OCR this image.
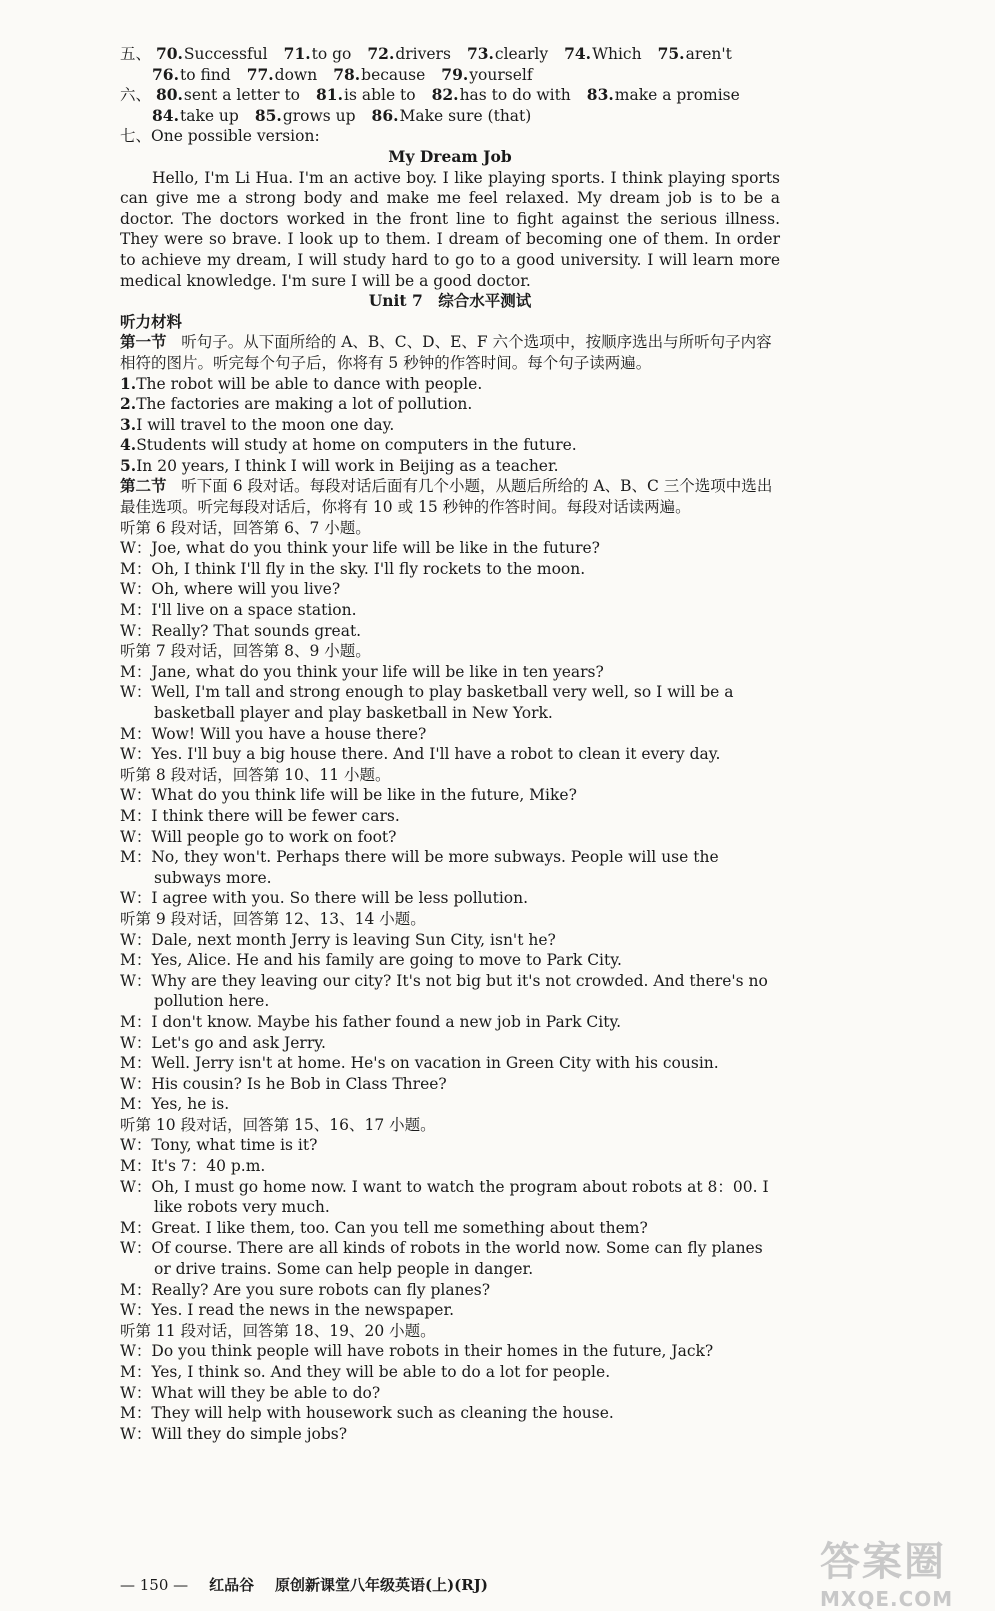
五、 70.Successful 71.to go 72.drivers 73.clearly 74.Which 75.aren't
76.to find 77.down 78.because 79.yourself
六、 80.sent a letter to 81.is able to 82.has to do with 83.make a promise
84.take up 85.grows up 86.Make sure (that)
七、One possible version:
My Dream Job
Hello, I'm Li Hua. I'm an active boy. I like playing sports. I think playing sports can give me a strong body and make me feel relaxed. My dream job is to be a doctor. The doctors worked in the front line to fight against the serious illness. They were so brave. I look up to them. I dream of becoming one of them. In order to achieve my dream, I will study hard to go to a good university. I will learn more medical knowledge. I'm sure I will be a good doctor.
Unit 7　综合水平测试
听力材料
第一节 听句子。从下面所给的 A、B、C、D、E、F 六个选项中，按顺序选出与所听句子内容相符的图片。听完每个句子后，你将有 5 秒钟的作答时间。每个句子读两遍。
1.The robot will be able to dance with people.
2.The factories are making a lot of pollution.
3.I will travel to the moon one day.
4.Students will study at home on computers in the future.
5.In 20 years, I think I will work in Beijing as a teacher.
第二节 听下面 6 段对话。每段对话后面有几个小题，从题后所给的 A、B、C 三个选项中选出最佳选项。听完每段对话后，你将有 10 或 15 秒钟的作答时间。每段对话读两遍。
听第 6 段对话，回答第 6、7 小题。
W：Joe, what do you think your life will be like in the future?
M：Oh, I think I'll fly in the sky. I'll fly rockets to the moon.
W：Oh, where will you live?
M：I'll live on a space station.
W：Really? That sounds great.
听第 7 段对话，回答第 8、9 小题。
M：Jane, what do you think your life will be like in ten years?
W：Well, I'm tall and strong enough to play basketball very well, so I will be a basketball player and play basketball in New York.
M：Wow! Will you have a house there?
W：Yes. I'll buy a big house there. And I'll have a robot to clean it every day.
听第 8 段对话，回答第 10、11 小题。
W：What do you think life will be like in the future, Mike?
M：I think there will be fewer cars.
W：Will people go to work on foot?
M：No, they won't. Perhaps there will be more subways. People will use the subways more.
W：I agree with you. So there will be less pollution.
听第 9 段对话，回答第 12、13、14 小题。
W：Dale, next month Jerry is leaving Sun City, isn't he?
M：Yes, Alice. He and his family are going to move to Park City.
W：Why are they leaving our city? It's not big but it's not crowded. And there's no pollution here.
M：I don't know. Maybe his father found a new job in Park City.
W：Let's go and ask Jerry.
M：Well. Jerry isn't at home. He's on vacation in Green City with his cousin.
W：His cousin? Is he Bob in Class Three?
M：Yes, he is.
听第 10 段对话，回答第 15、16、17 小题。
W：Tony, what time is it?
M：It's 7：40 p.m.
W：Oh, I must go home now. I want to watch the program about robots at 8：00. I like robots very much.
M：Great. I like them, too. Can you tell me something about them?
W：Of course. There are all kinds of robots in the world now. Some can fly planes or drive trains. Some can help people in danger.
M：Really? Are you sure robots can fly planes?
W：Yes. I read the news in the newspaper.
听第 11 段对话，回答第 18、19、20 小题。
W：Do you think people will have robots in their homes in the future, Jack?
M：Yes, I think so. And they will be able to do a lot for people.
W：What will they be able to do?
M：They will help with housework such as cleaning the house.
W：Will they do simple jobs?
— 150 — 红品谷 原创新课堂八年级英语(上)(RJ)	答案圈
MXQE.COM
